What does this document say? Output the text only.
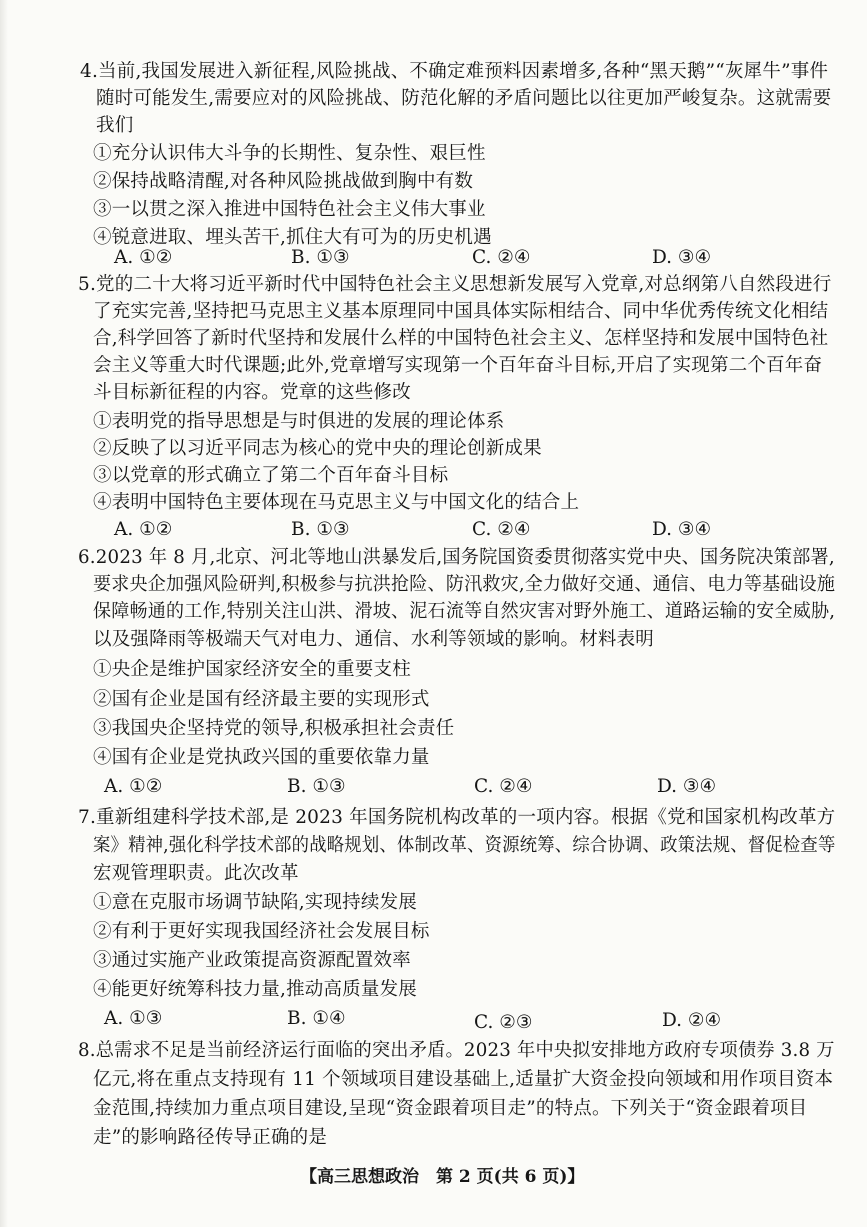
4.当前,我国发展进入新征程,风险挑战、不确定难预料因素增多,各种“黑天鹅”“灰犀牛”事件
随时可能发生,需要应对的风险挑战、防范化解的矛盾问题比以往更加严峻复杂。这就需要
我们
①充分认识伟大斗争的长期性、复杂性、艰巨性
②保持战略清醒,对各种风险挑战做到胸中有数
③一以贯之深入推进中国特色社会主义伟大事业
④锐意进取、埋头苦干,抓住大有可为的历史机遇
A. ①②	B. ①③	C. ②④	D. ③④
5.党的二十大将习近平新时代中国特色社会主义思想新发展写入党章,对总纲第八自然段进行
了充实完善,坚持把马克思主义基本原理同中国具体实际相结合、同中华优秀传统文化相结
合,科学回答了新时代坚持和发展什么样的中国特色社会主义、怎样坚持和发展中国特色社
会主义等重大时代课题;此外,党章增写实现第一个百年奋斗目标,开启了实现第二个百年奋
斗目标新征程的内容。党章的这些修改
①表明党的指导思想是与时俱进的发展的理论体系
②反映了以习近平同志为核心的党中央的理论创新成果
③以党章的形式确立了第二个百年奋斗目标
④表明中国特色主要体现在马克思主义与中国文化的结合上
A. ①②	B. ①③	C. ②④	D. ③④
6.2023 年 8 月,北京、河北等地山洪暴发后,国务院国资委贯彻落实党中央、国务院决策部署,
要求央企加强风险研判,积极参与抗洪抢险、防汛救灾,全力做好交通、通信、电力等基础设施
保障畅通的工作,特别关注山洪、滑坡、泥石流等自然灾害对野外施工、道路运输的安全威胁,
以及强降雨等极端天气对电力、通信、水利等领域的影响。材料表明
①央企是维护国家经济安全的重要支柱
②国有企业是国有经济最主要的实现形式
③我国央企坚持党的领导,积极承担社会责任
④国有企业是党执政兴国的重要依靠力量
A. ①②	B. ①③	C. ②④	D. ③④
7.重新组建科学技术部,是 2023 年国务院机构改革的一项内容。根据《党和国家机构改革方
案》精神,强化科学技术部的战略规划、体制改革、资源统筹、综合协调、政策法规、督促检查等
宏观管理职责。此次改革
①意在克服市场调节缺陷,实现持续发展
②有利于更好实现我国经济社会发展目标
③通过实施产业政策提高资源配置效率
④能更好统筹科技力量,推动高质量发展
A. ①③	B. ①④	C. ②③	D. ②④
8.总需求不足是当前经济运行面临的突出矛盾。2023 年中央拟安排地方政府专项债券 3.8 万
亿元,将在重点支持现有 11 个领域项目建设基础上,适量扩大资金投向领域和用作项目资本
金范围,持续加力重点项目建设,呈现“资金跟着项目走”的特点。下列关于“资金跟着项目
走”的影响路径传导正确的是
【高三思想政治　第 2 页(共 6 页)】
